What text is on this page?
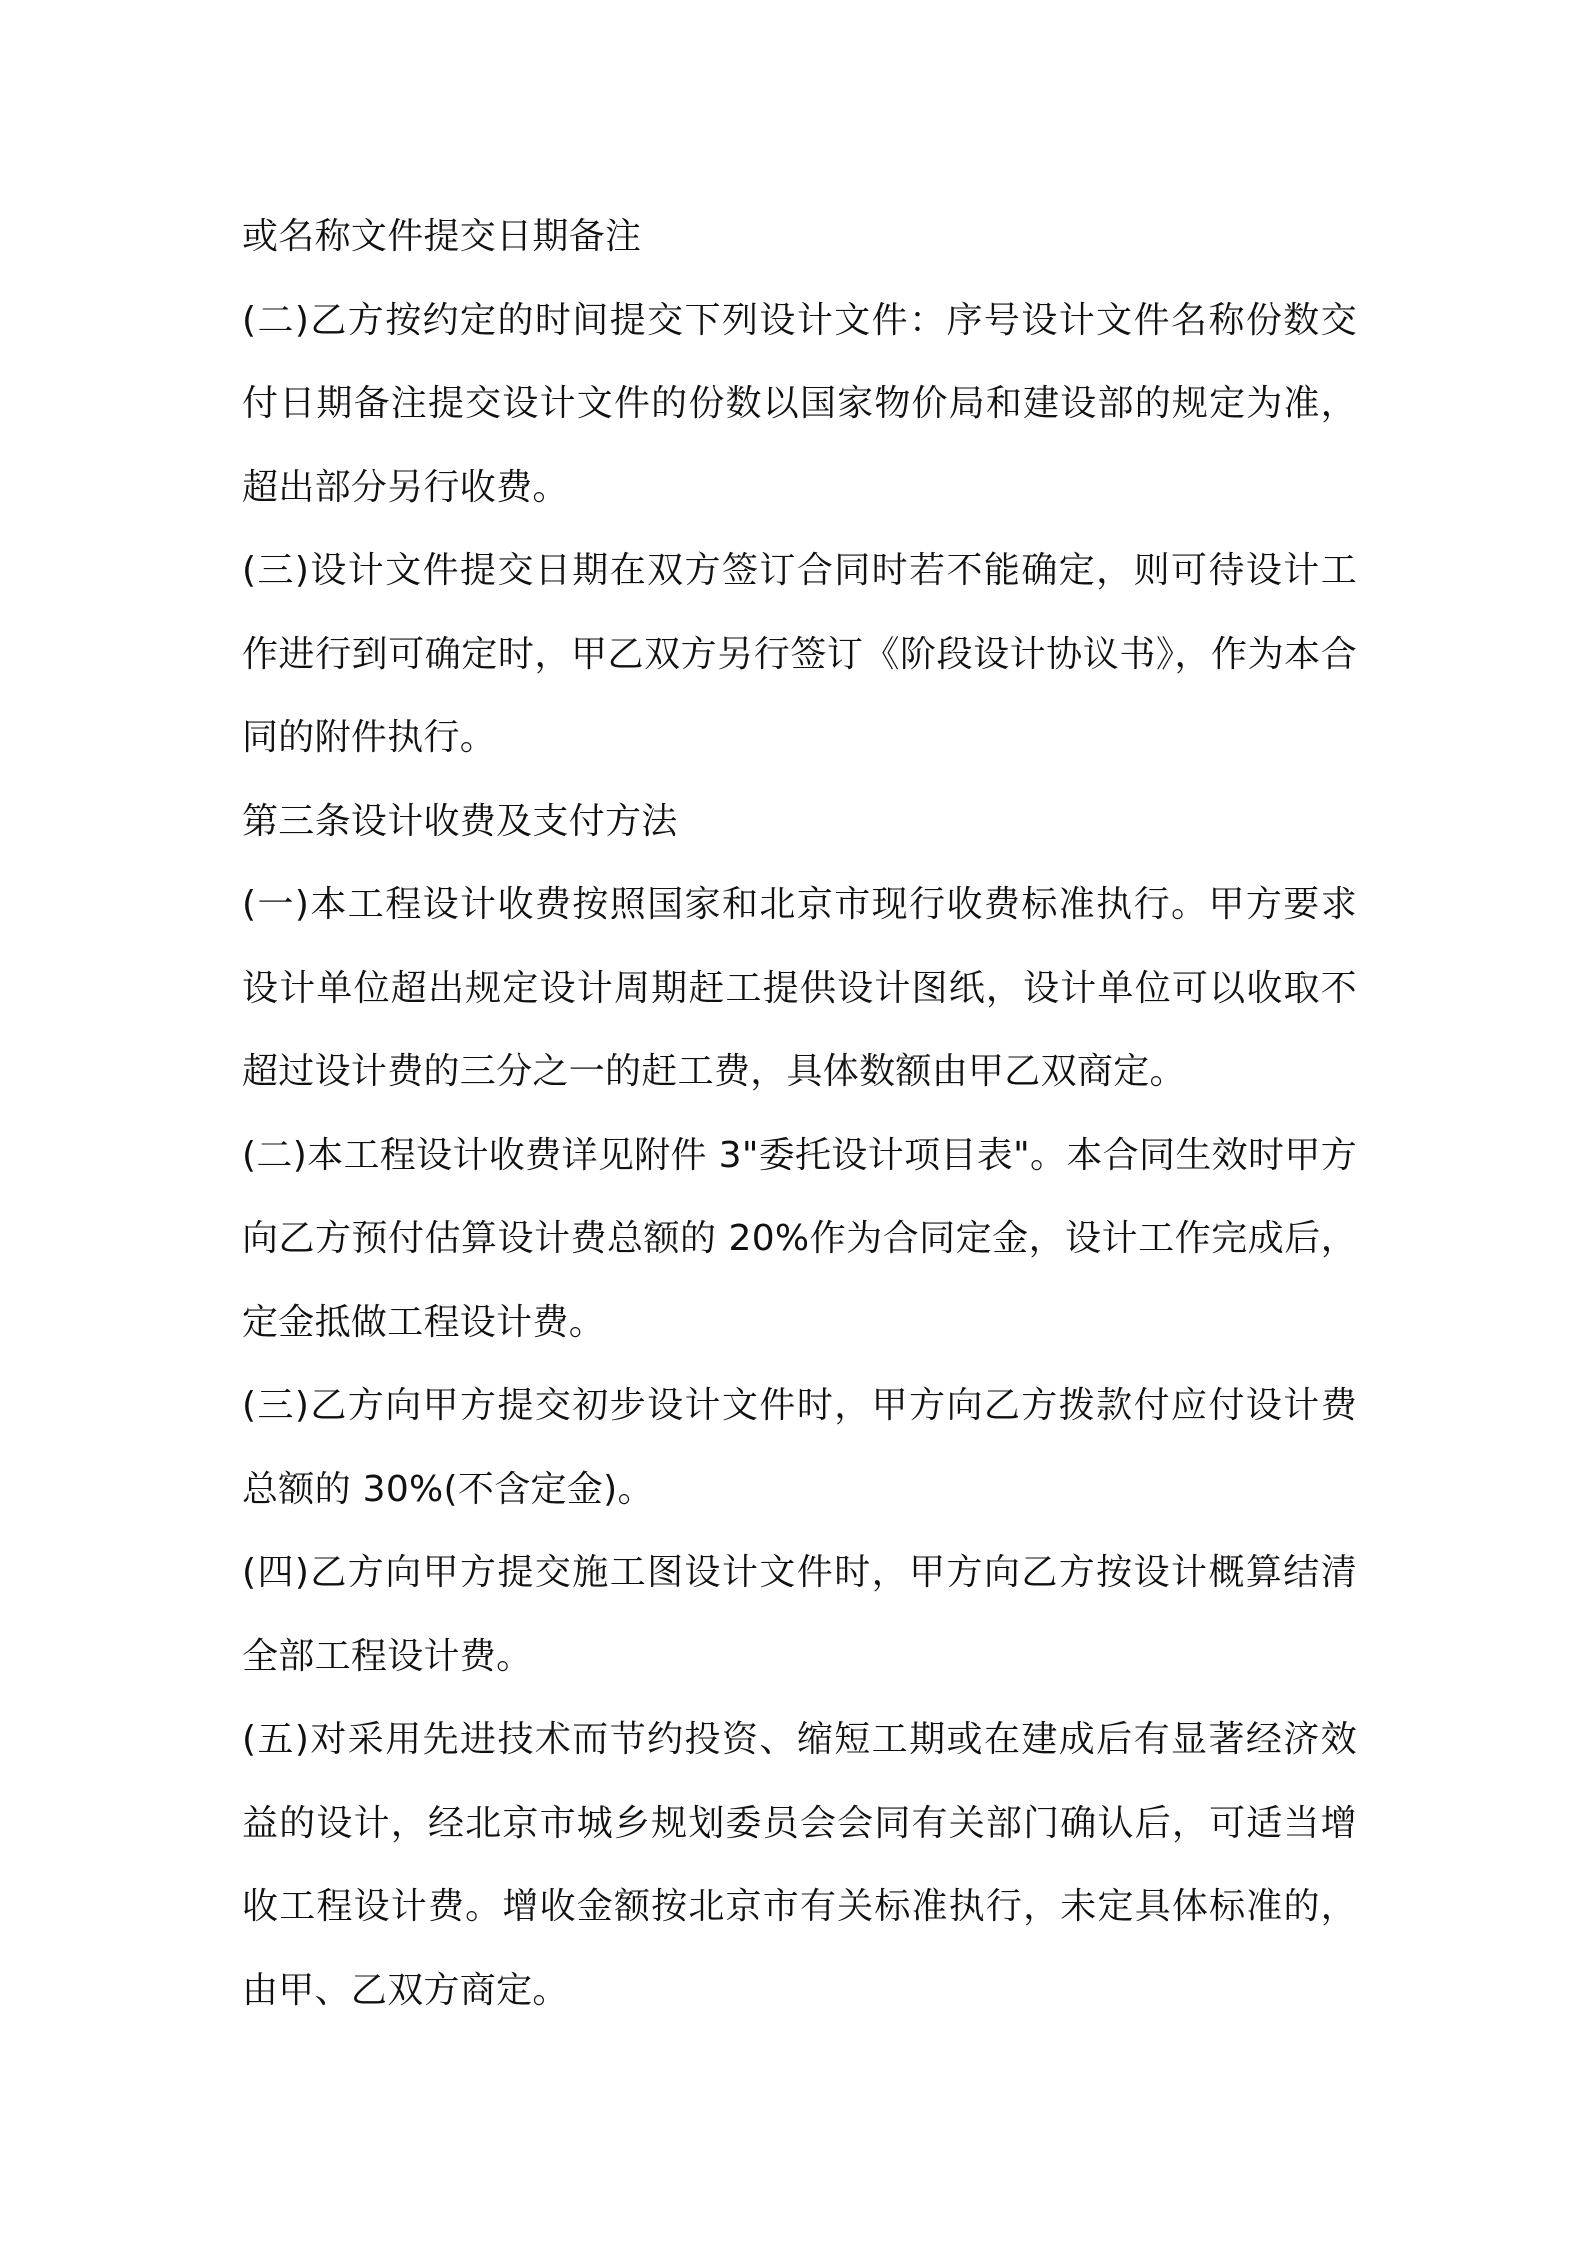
或名称文件提交日期备注

(二)乙方按约定的时间提交下列设计文件：序号设计文件名称份数交付日期备注提交设计文件的份数以国家物价局和建设部的规定为准，超出部分另行收费。

(三)设计文件提交日期在双方签订合同时若不能确定，则可待设计工作进行到可确定时，甲乙双方另行签订《阶段设计协议书》，作为本合同的附件执行。

第三条设计收费及支付方法

(一)本工程设计收费按照国家和北京市现行收费标准执行。甲方要求设计单位超出规定设计周期赶工提供设计图纸，设计单位可以收取不超过设计费的三分之一的赶工费，具体数额由甲乙双商定。

(二)本工程设计收费详见附件 3"委托设计项目表"。本合同生效时甲方向乙方预付估算设计费总额的 20%作为合同定金，设计工作完成后，定金抵做工程设计费。

(三)乙方向甲方提交初步设计文件时，甲方向乙方拨款付应付设计费总额的 30%(不含定金)。

(四)乙方向甲方提交施工图设计文件时，甲方向乙方按设计概算结清全部工程设计费。

(五)对采用先进技术而节约投资、缩短工期或在建成后有显著经济效益的设计，经北京市城乡规划委员会会同有关部门确认后，可适当增收工程设计费。增收金额按北京市有关标准执行，未定具体标准的，由甲、乙双方商定。
